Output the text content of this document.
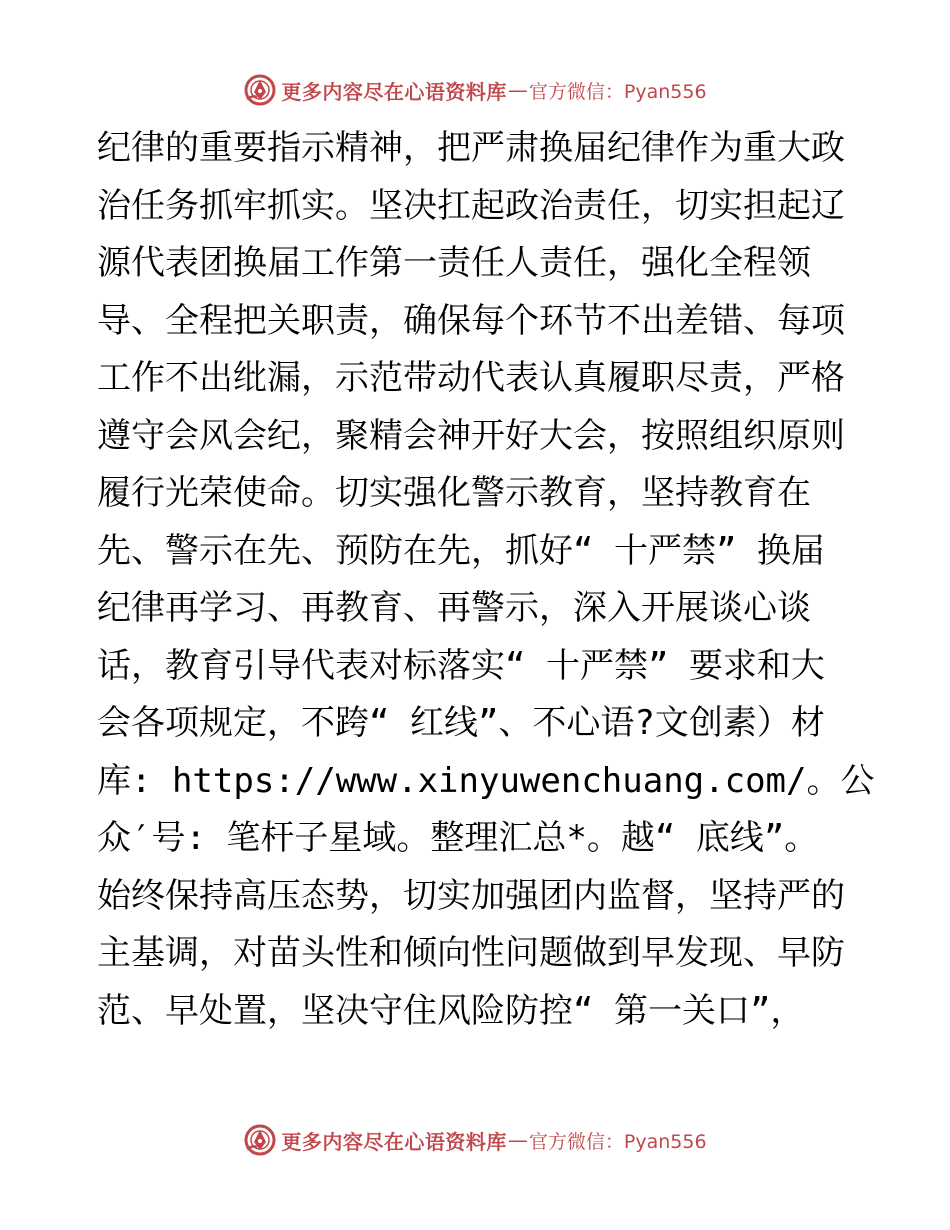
更多内容尽在心语资料库 — 官方微信：Pyan556
纪律的重要指示精神，把严肃换届纪律作为重大政
治任务抓牢抓实。坚决扛起政治责任，切实担起辽
源代表团换届工作第一责任人责任，强化全程领
导、全程把关职责，确保每个环节不出差错、每项
工作不出纰漏，示范带动代表认真履职尽责，严格
遵守会风会纪，聚精会神开好大会，按照组织原则
履行光荣使命。切实强化警示教育，坚持教育在
先、警示在先、预防在先，抓好“ 十严禁” 换届
纪律再学习、再教育、再警示，深入开展谈心谈
话，教育引导代表对标落实“ 十严禁” 要求和大
会各项规定，不跨“ 红线”、不心语?文创素）材
库: https://www.xinyuwenchuang.com/。公
众′号: 笔杆子星域。整理汇总*。越“ 底线”。
始终保持高压态势，切实加强团内监督，坚持严的
主基调，对苗头性和倾向性问题做到早发现、早防
范、早处置，坚决守住风险防控“ 第一关口”，
更多内容尽在心语资料库 — 官方微信：Pyan556
